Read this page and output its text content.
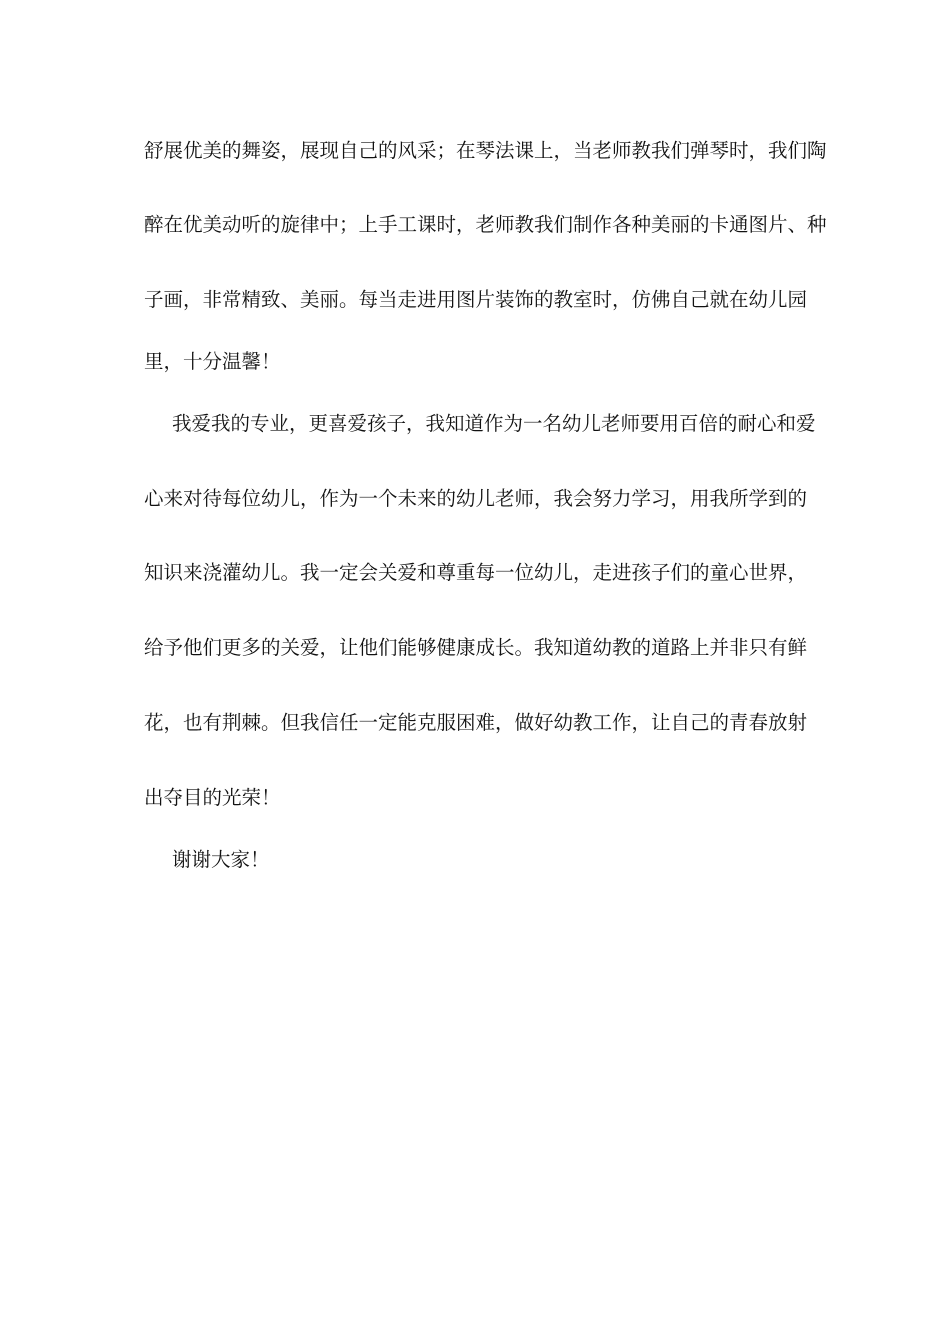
舒展优美的舞姿，展现自己的风采；在琴法课上，当老师教我们弹琴时，我们陶

醉在优美动听的旋律中；上手工课时，老师教我们制作各种美丽的卡通图片、种

子画，非常精致、美丽。每当走进用图片装饰的教室时，仿佛自己就在幼儿园

里，十分温馨！

我爱我的专业，更喜爱孩子，我知道作为一名幼儿老师要用百倍的耐心和爱

心来对待每位幼儿，作为一个未来的幼儿老师，我会努力学习，用我所学到的

知识来浇灌幼儿。我一定会关爱和尊重每一位幼儿，走进孩子们的童心世界，

给予他们更多的关爱，让他们能够健康成长。我知道幼教的道路上并非只有鲜

花，也有荆棘。但我信任一定能克服困难，做好幼教工作，让自己的青春放射

出夺目的光荣！

谢谢大家！
